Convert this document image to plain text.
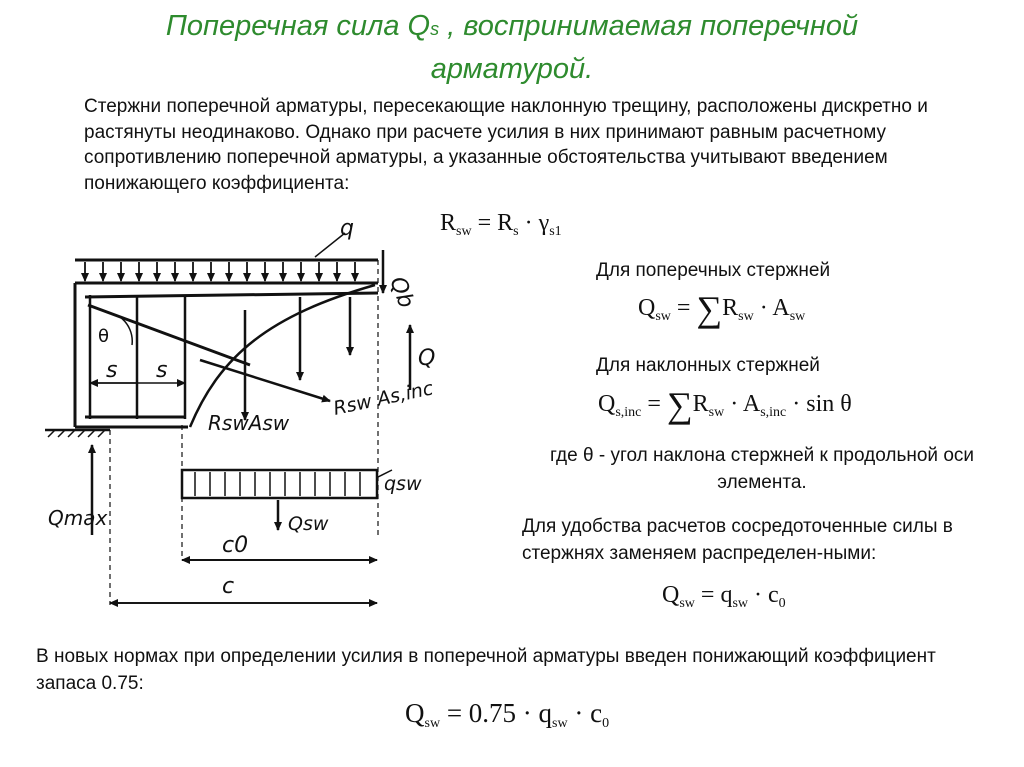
Поперечная сила Qs , воспринимаемая поперечной
арматурой.
Стержни поперечной арматуры, пересекающие наклонную трещину, расположены дискретно и растянуты неодинаково. Однако при расчете усилия в них принимают равным расчетному сопротивлению поперечной арматуры, а указанные обстоятельства учитывают введением понижающего коэффициента:
$R_{sw} = R_s \cdot \gamma_{s1}$
Для поперечных стержней
$Q_{sw} = \sum R_{sw} \cdot A_{sw}$
Для наклонных стержней
$Q_{s,inc} = \sum R_{sw} \cdot A_{s,inc} \cdot \sin \theta$
где θ - угол наклона стержней к продольной оси элемента.
Для удобства расчетов сосредоточенные силы в стержнях заменяем распределен-ными:
$Q_{sw} = q_{sw} \cdot c_0$
В новых нормах при определении усилия в поперечной арматуры введен понижающий коэффициент запаса 0.75:
$Q_{sw} = 0.75 \cdot q_{sw} \cdot c_0$
q
Qb
Q
θ
s s
Rsw As,inc
RswAsw
qsw
Qsw
Qmax
c0
c
